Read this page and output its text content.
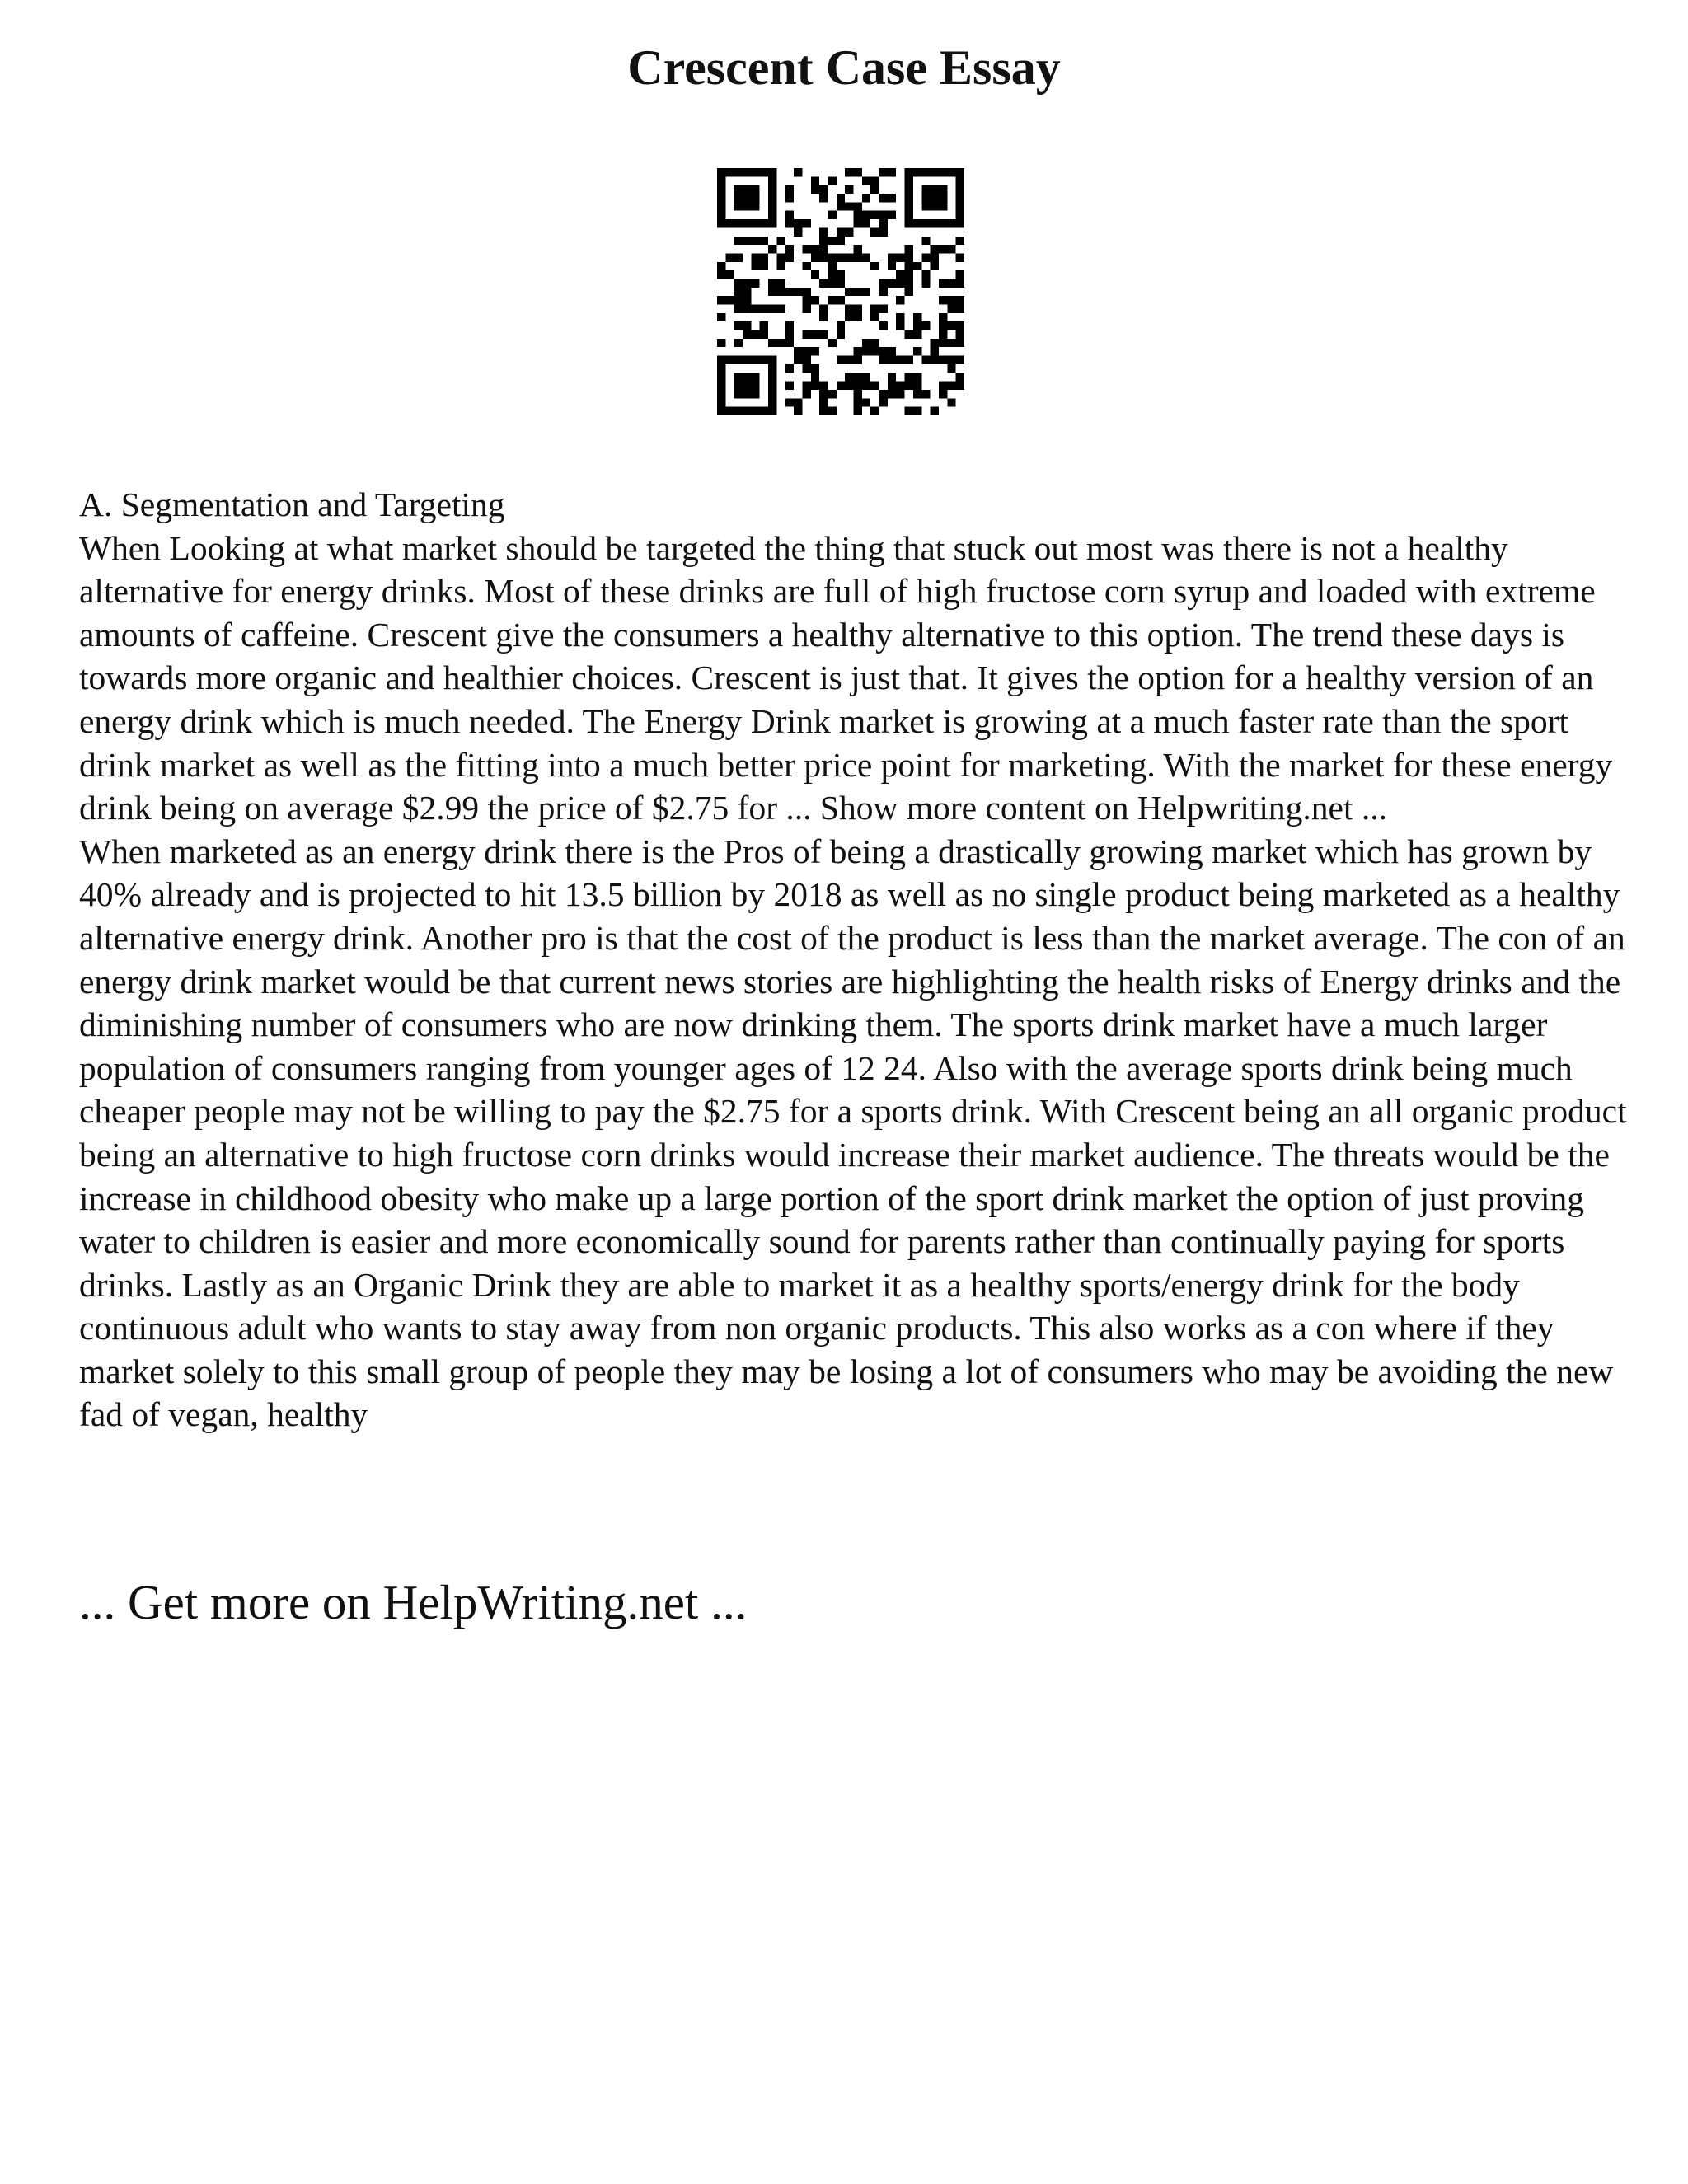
Crescent Case Essay

A. Segmentation and Targeting

When Looking at what market should be targeted the thing that stuck out most was there is not a healthy alternative for energy drinks. Most of these drinks are full of high fructose corn syrup and loaded with extreme amounts of caffeine. Crescent give the consumers a healthy alternative to this option. The trend these days is towards more organic and healthier choices. Crescent is just that. It gives the option for a healthy version of an energy drink which is much needed. The Energy Drink market is growing at a much faster rate than the sport drink market as well as the fitting into a much better price point for marketing. With the market for these energy drink being on average $2.99 the price of $2.75 for ... Show more content on Helpwriting.net ...

When marketed as an energy drink there is the Pros of being a drastically growing market which has grown by 40% already and is projected to hit 13.5 billion by 2018 as well as no single product being marketed as a healthy alternative energy drink. Another pro is that the cost of the product is less than the market average. The con of an energy drink market would be that current news stories are highlighting the health risks of Energy drinks and the diminishing number of consumers who are now drinking them. The sports drink market have a much larger population of consumers ranging from younger ages of 12 24. Also with the average sports drink being much cheaper people may not be willing to pay the $2.75 for a sports drink. With Crescent being an all organic product being an alternative to high fructose corn drinks would increase their market audience. The threats would be the increase in childhood obesity who make up a large portion of the sport drink market the option of just proving water to children is easier and more economically sound for parents rather than continually paying for sports drinks. Lastly as an Organic Drink they are able to market it as a healthy sports/energy drink for the body continuous adult who wants to stay away from non organic products. This also works as a con where if they market solely to this small group of people they may be losing a lot of consumers who may be avoiding the new fad of vegan, healthy

... Get more on HelpWriting.net ...
